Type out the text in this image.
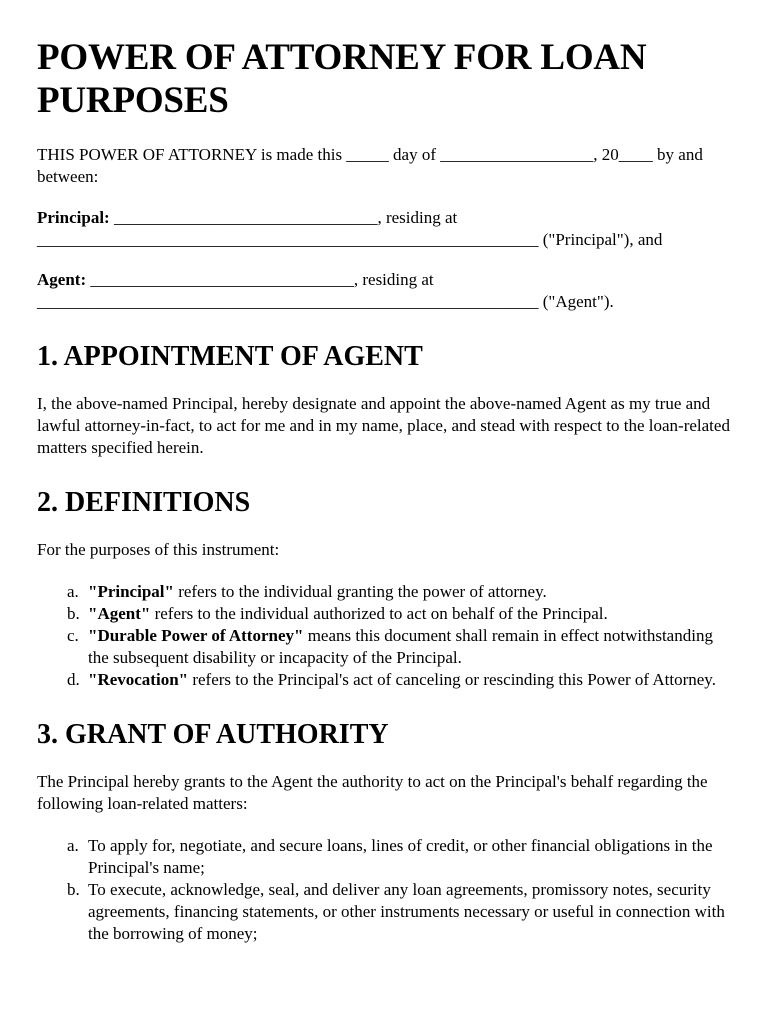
POWER OF ATTORNEY FOR LOAN PURPOSES

THIS POWER OF ATTORNEY is made this _____ day of __________________, 20____ by and between:

Principal: _______________________________, residing at ___________________________________________________________ ("Principal"), and

Agent: _______________________________, residing at ___________________________________________________________ ("Agent").

1. APPOINTMENT OF AGENT

I, the above-named Principal, hereby designate and appoint the above-named Agent as my true and lawful attorney-in-fact, to act for me and in my name, place, and stead with respect to the loan-related matters specified herein.

2. DEFINITIONS

For the purposes of this instrument:

a. "Principal" refers to the individual granting the power of attorney.
b. "Agent" refers to the individual authorized to act on behalf of the Principal.
c. "Durable Power of Attorney" means this document shall remain in effect notwithstanding the subsequent disability or incapacity of the Principal.
d. "Revocation" refers to the Principal's act of canceling or rescinding this Power of Attorney.
3. GRANT OF AUTHORITY

The Principal hereby grants to the Agent the authority to act on the Principal's behalf regarding the following loan-related matters:

a. To apply for, negotiate, and secure loans, lines of credit, or other financial obligations in the Principal's name;
b. To execute, acknowledge, seal, and deliver any loan agreements, promissory notes, security agreements, financing statements, or other instruments necessary or useful in connection with the borrowing of money;
